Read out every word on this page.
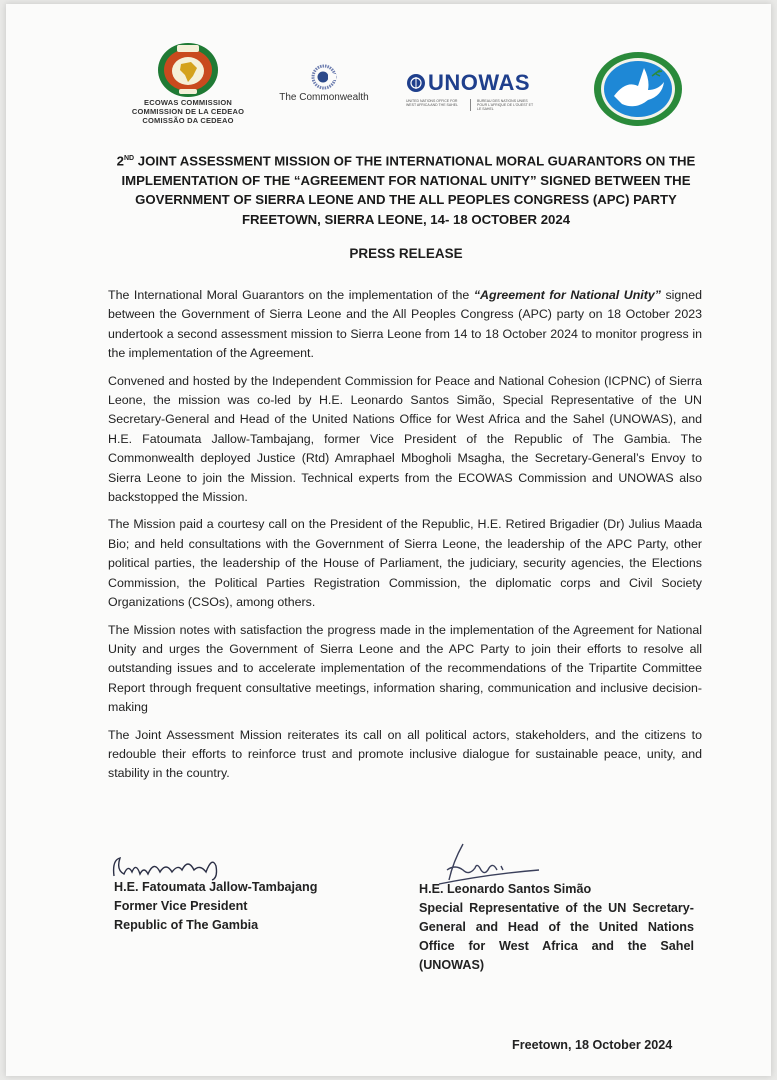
ECOWAS COMMISSION
COMMISSION DE LA CEDEAO
COMISSÃO DA CEDEAO
The Commonwealth
UNOWAS
UNITED NATIONS OFFICE FOR WEST AFRICA AND THE SAHEL
BUREAU DES NATIONS UNIES POUR L'AFRIQUE DE L'OUEST ET LE SAHEL
2ND JOINT ASSESSMENT MISSION OF THE INTERNATIONAL MORAL GUARANTORS ON THE
IMPLEMENTATION OF THE “AGREEMENT FOR NATIONAL UNITY” SIGNED BETWEEN THE
GOVERNMENT OF SIERRA LEONE AND THE ALL PEOPLES CONGRESS (APC) PARTY
FREETOWN, SIERRA LEONE, 14- 18 OCTOBER 2024
PRESS RELEASE

The International Moral Guarantors on the implementation of the “Agreement for National Unity” signed between the Government of Sierra Leone and the All Peoples Congress (APC) party on 18 October 2023 undertook a second assessment mission to Sierra Leone from 14 to 18 October 2024 to monitor progress in the implementation of the Agreement.

Convened and hosted by the Independent Commission for Peace and National Cohesion (ICPNC) of Sierra Leone, the mission was co-led by H.E. Leonardo Santos Simão, Special Representative of the UN Secretary-General and Head of the United Nations Office for West Africa and the Sahel (UNOWAS), and H.E. Fatoumata Jallow-Tambajang, former Vice President of the Republic of The Gambia. The Commonwealth deployed Justice (Rtd) Amraphael Mbogholi Msagha, the Secretary-General’s Envoy to Sierra Leone to join the Mission. Technical experts from the ECOWAS Commission and UNOWAS also backstopped the Mission.

The Mission paid a courtesy call on the President of the Republic, H.E. Retired Brigadier (Dr) Julius Maada Bio; and held consultations with the Government of Sierra Leone, the leadership of the APC Party, other political parties, the leadership of the House of Parliament, the judiciary, security agencies, the Elections Commission, the Political Parties Registration Commission, the diplomatic corps and Civil Society Organizations (CSOs), among others.

The Mission notes with satisfaction the progress made in the implementation of the Agreement for National Unity and urges the Government of Sierra Leone and the APC Party to join their efforts to resolve all outstanding issues and to accelerate implementation of the recommendations of the Tripartite Committee Report through frequent consultative meetings, information sharing, communication and inclusive decision-making

The Joint Assessment Mission reiterates its call on all political actors, stakeholders, and the citizens to redouble their efforts to reinforce trust and promote inclusive dialogue for sustainable peace, unity, and stability in the country.

H.E. Fatoumata Jallow-Tambajang
Former Vice President
Republic of The Gambia
H.E. Leonardo Santos Simão
Special Representative of the UN Secretary-General and Head of the United Nations Office for West Africa and the Sahel (UNOWAS)
Freetown, 18 October 2024
